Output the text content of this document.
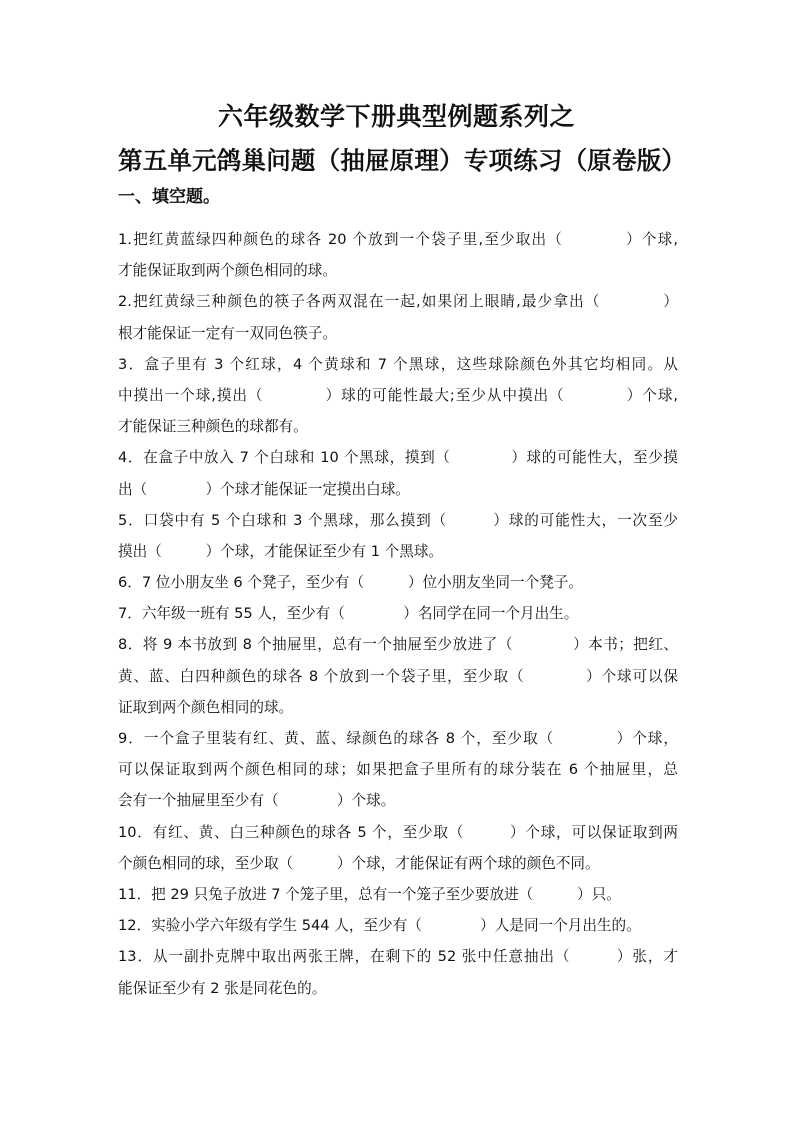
六年级数学下册典型例题系列之
第五单元鸽巢问题（抽屉原理）专项练习（原卷版）
一、填空题。
1.把红黄蓝绿四种颜色的球各 20 个放到一个袋子里,至少取出（　　　　）个球,
才能保证取到两个颜色相同的球。
2.把红黄绿三种颜色的筷子各两双混在一起,如果闭上眼睛,最少拿出（　　　　）
根才能保证一定有一双同色筷子。
3．盒子里有 3 个红球，4 个黄球和 7 个黑球，这些球除颜色外其它均相同。从
中摸出一个球,摸出（　　　　）球的可能性最大;至少从中摸出（　　　　）个球,
才能保证三种颜色的球都有。
4．在盒子中放入 7 个白球和 10 个黑球，摸到（　　　　）球的可能性大，至少摸
出（　　　　）个球才能保证一定摸出白球。
5．口袋中有 5 个白球和 3 个黑球，那么摸到（　　　）球的可能性大，一次至少
摸出（　　　）个球，才能保证至少有 1 个黑球。
6．7 位小朋友坐 6 个凳子，至少有（　　　）位小朋友坐同一个凳子。
7．六年级一班有 55 人，至少有（　　　　）名同学在同一个月出生。
8．将 9 本书放到 8 个抽屉里，总有一个抽屉至少放进了（　　　　）本书；把红、
黄、蓝、白四种颜色的球各 8 个放到一个袋子里，至少取（　　　　）个球可以保
证取到两个颜色相同的球。
9．一个盒子里装有红、黄、蓝、绿颜色的球各 8 个，至少取（　　　　）个球，
可以保证取到两个颜色相同的球；如果把盒子里所有的球分装在 6 个抽屉里，总
会有一个抽屉里至少有（　　　　）个球。
10．有红、黄、白三种颜色的球各 5 个，至少取（　　　）个球，可以保证取到两
个颜色相同的球，至少取（　　　）个球，才能保证有两个球的颜色不同。
11．把 29 只兔子放进 7 个笼子里，总有一个笼子至少要放进（　　　）只。
12．实验小学六年级有学生 544 人，至少有（　　　　）人是同一个月出生的。
13．从一副扑克牌中取出两张王牌，在剩下的 52 张中任意抽出（　　　）张，才
能保证至少有 2 张是同花色的。
